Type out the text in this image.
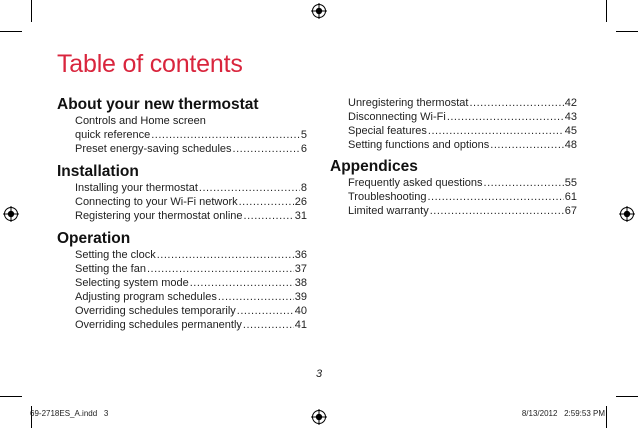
Table of contents
About your new thermostat
Controls and Home screen
quick reference .....	5
Preset energy-saving schedules .....	6
Installation
Installing your thermostat .....	8
Connecting to your Wi-Fi network .....	26
Registering your thermostat online .....	31
Operation
Setting the clock .....	36
Setting the fan .....	37
Selecting system mode .....	38
Adjusting program schedules .....	39
Overriding schedules temporarily .....	40
Overriding schedules permanently .....	41
Unregistering thermostat .....	42
Disconnecting Wi-Fi .....	43
Special features .....	45
Setting functions and options .....	48
Appendices
Frequently asked questions .....	55
Troubleshooting .....	61
Limited warranty .....	67
3
69-2718ES_A.indd   3	8/13/2012   2:59:53 PM
